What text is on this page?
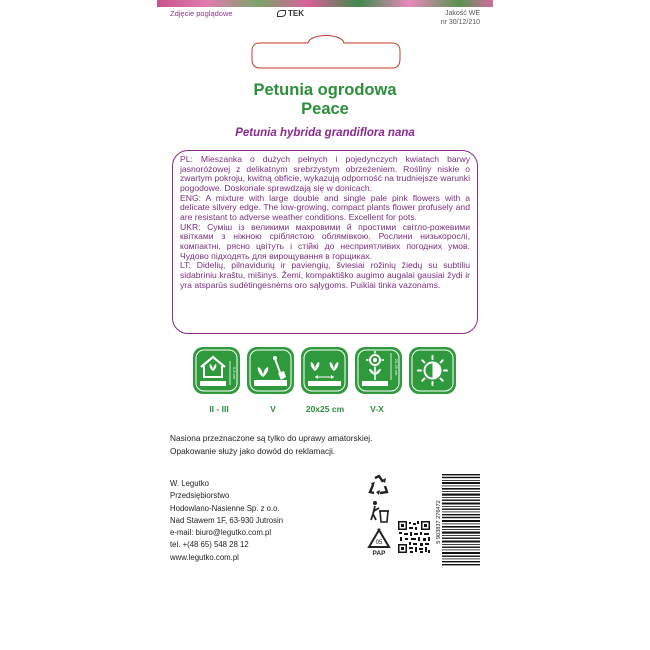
Zdjęcie poglądowe	TEK	Jakość WE
nr 30/12/210
Petunia ogrodowa
Peace
Petunia hybrida grandiflora nana

PL: Mieszanka o dużych pełnych i pojedynczych kwiatach barwy jasnoróżowej z delikatnym srebrzystym obrzeżeniem. Rośliny niskie o zwartym pokroju, kwitną obficie, wykazują odporność na trudniejsze warunki pogodowe. Doskonale sprawdzają się w donicach.

ENG: A mixture with large double and single pale pink flowers with a delicate silvery edge. The low-growing, compact plants flower profusely and are resistant to adverse weather conditions. Excellent for pots.

UKR: Суміш із великими махровими й простими світло-рожевими квітками з ніжною сріблястою облямівкою. Рослини низькорослі, компактні, рясно цвітуть і стійкі до несприятливих погодних умов. Чудово підходять для вирощування в горщиках.

LT: Didelių, pilnavidurių ir paviengių, šviesiai rožinių žiedų su subtiliu sidabriniu kraštu, mišinys. Žemi, kompaktiško augimo augalai gausiai žydi ir yra atsparūs sudėtingesnėms oro sąlygoms. Puikiai tinka vazonams.

0,5 cm	20-25 cm
II - III	V	20x25 cm	V-X
Nasiona przeznaczone są tylko do uprawy amatorskiej.
Opakowanie służy jako dowód do reklamacji.
W. Legutko
Przedsiębiorstwo
Hodowlano-Nasienne Sp. z o.o.
Nad Stawem 1F, 63-930 Jutrosin
e-mail: biuro@legutko.com.pl
tel. +(48 65) 548 28 12
www.legutko.com.pl
05
PAP
5 903837 276472
